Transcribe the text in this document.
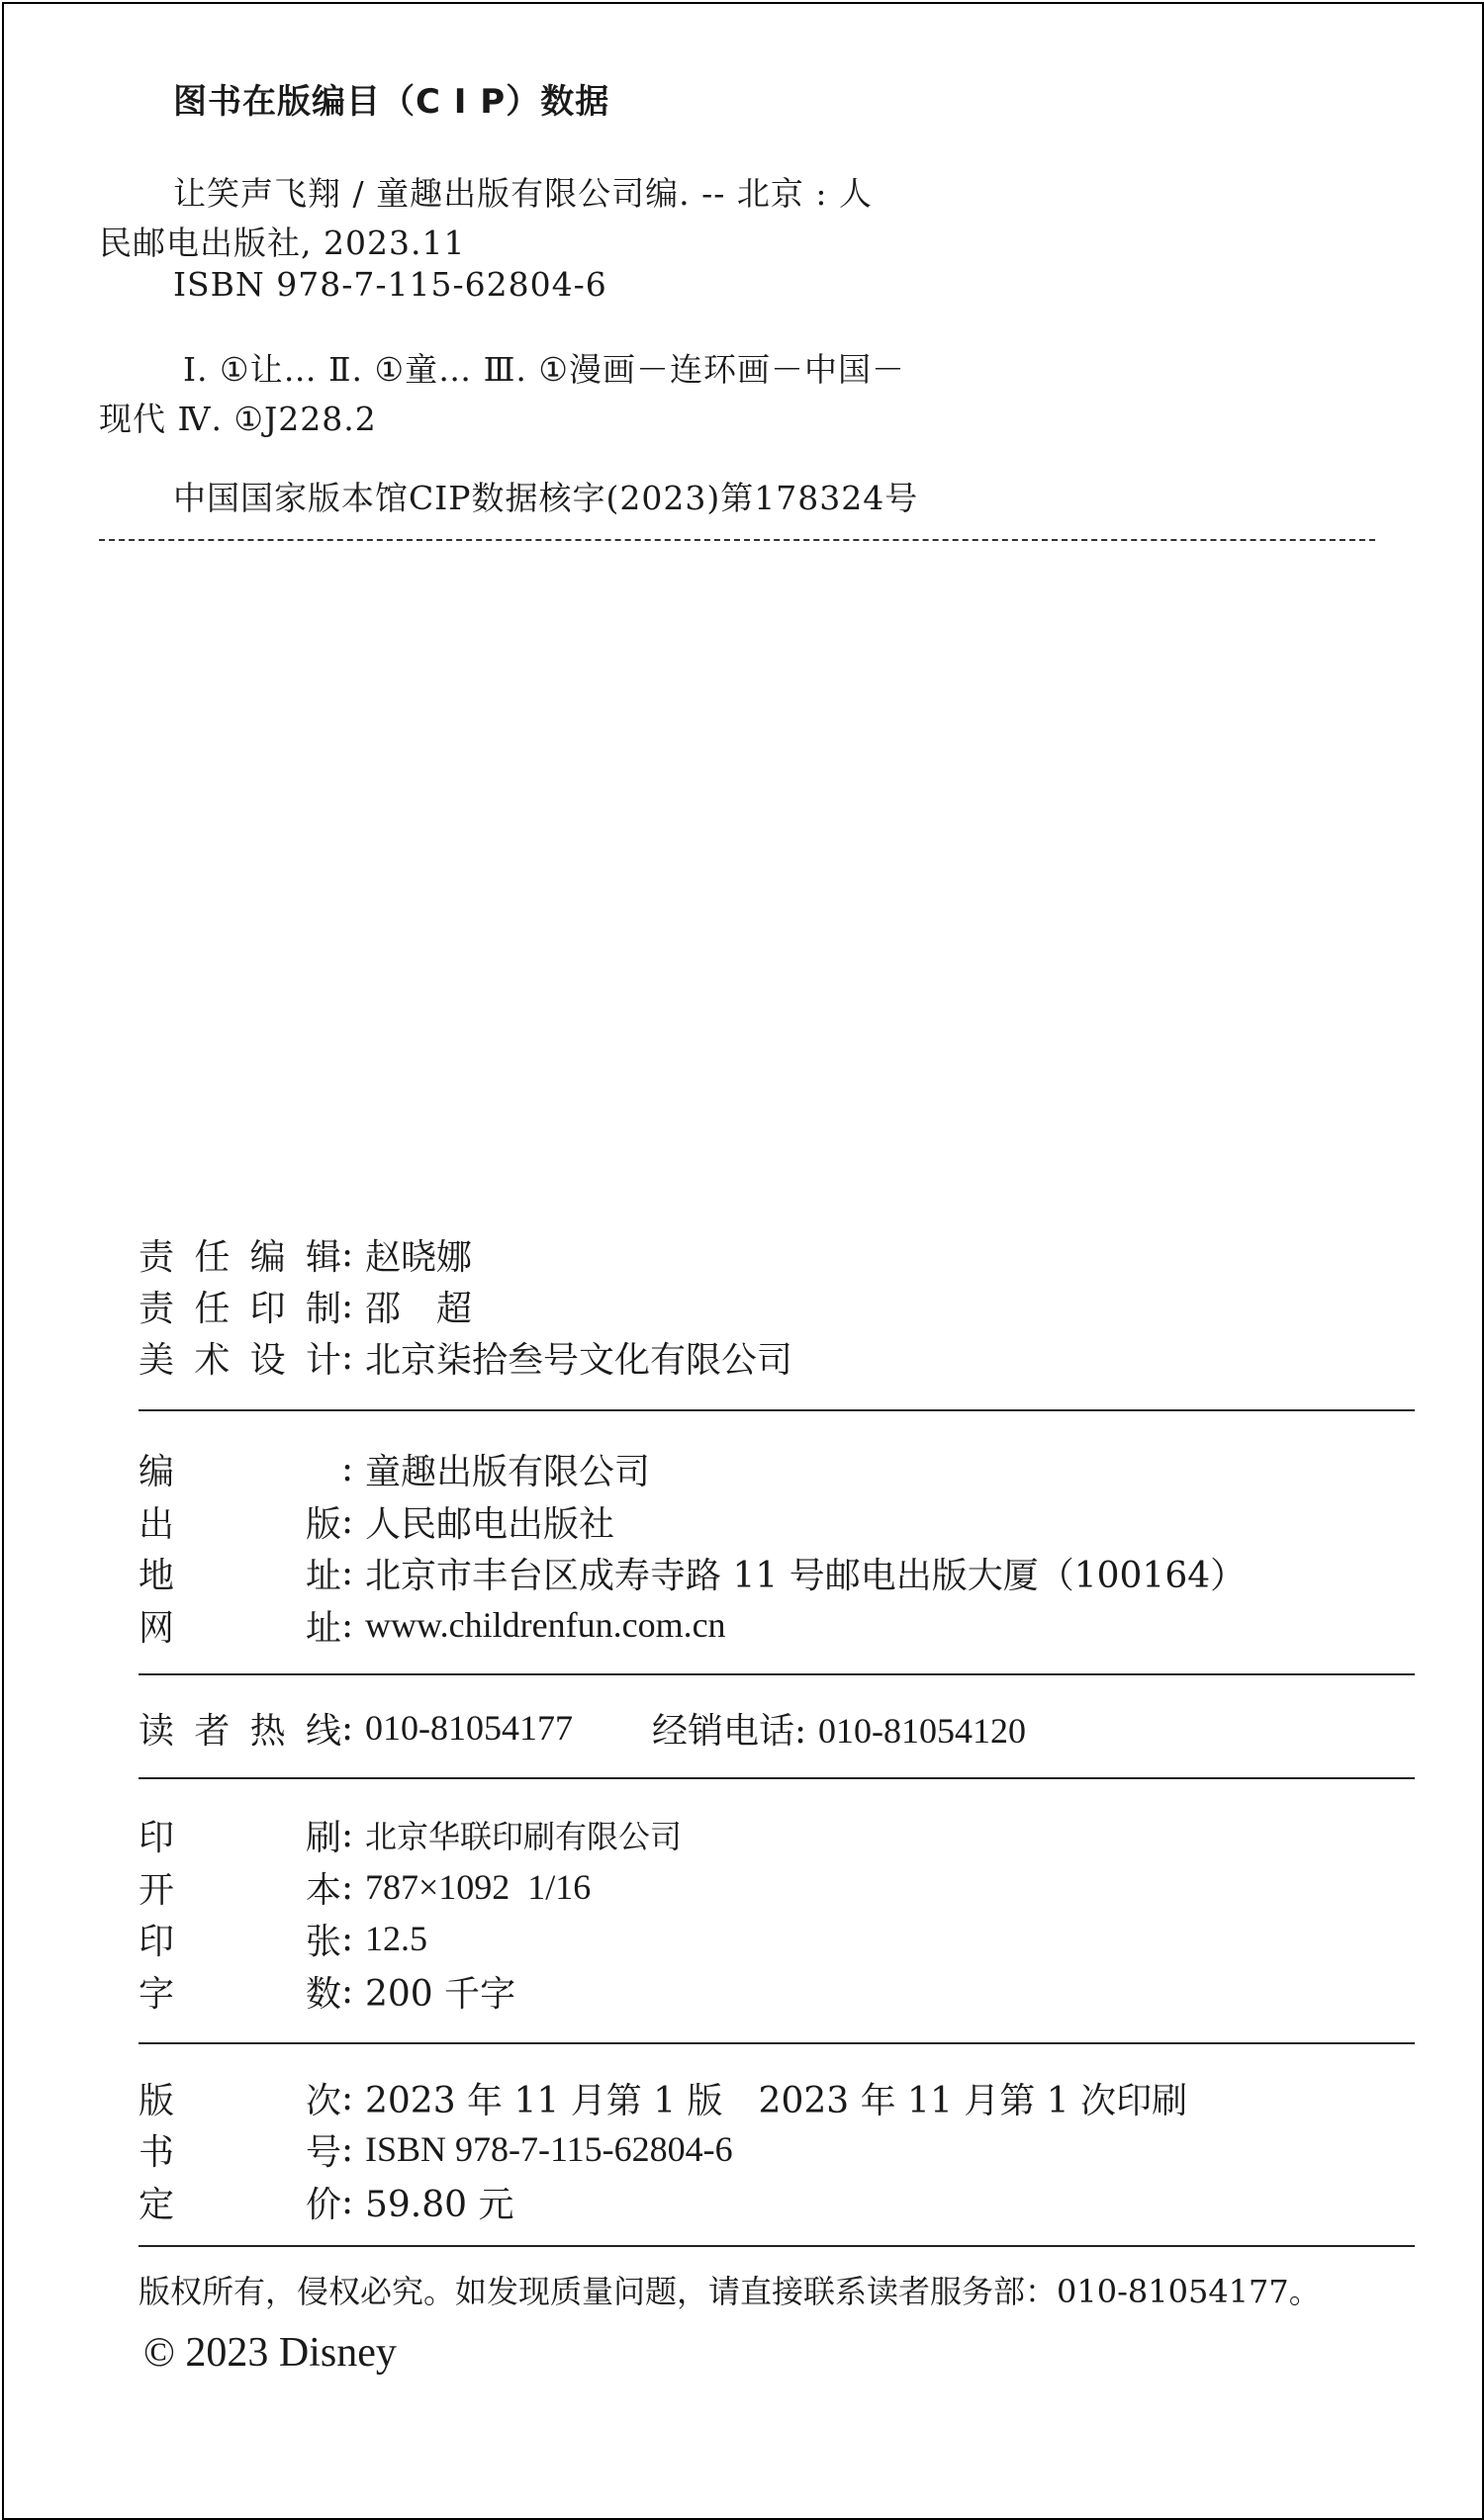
图书在版编目（C I P）数据
让笑声飞翔 / 童趣出版有限公司编. -- 北京 : 人
民邮电出版社, 2023.11
ISBN 978-7-115-62804-6
Ⅰ. ①让… Ⅱ. ①童… Ⅲ. ①漫画－连环画－中国－
现代 Ⅳ. ①J228.2
中国国家版本馆CIP数据核字(2023)第178324号
责任编辑 : 赵晓娜
责任印制 : 邵　超
美术设计 : 北京柒拾叁号文化有限公司
编	: 童趣出版有限公司
出版 : 人民邮电出版社
地址 : 北京市丰台区成寿寺路 11 号邮电出版大厦（100164）
网址 : www.childrenfun.com.cn
读者热线 : 010-81054177 经销电话: 010-81054120
印刷 : 北京华联印刷有限公司
开本 : 787×1092  1/16
印张 : 12.5
字数 : 200 千字
版次 : 2023 年 11 月第 1 版　2023 年 11 月第 1 次印刷
书号 : ISBN 978-7-115-62804-6
定价 : 59.80 元
版权所有，侵权必究。如发现质量问题，请直接联系读者服务部：010-81054177。
© 2023 Disney
